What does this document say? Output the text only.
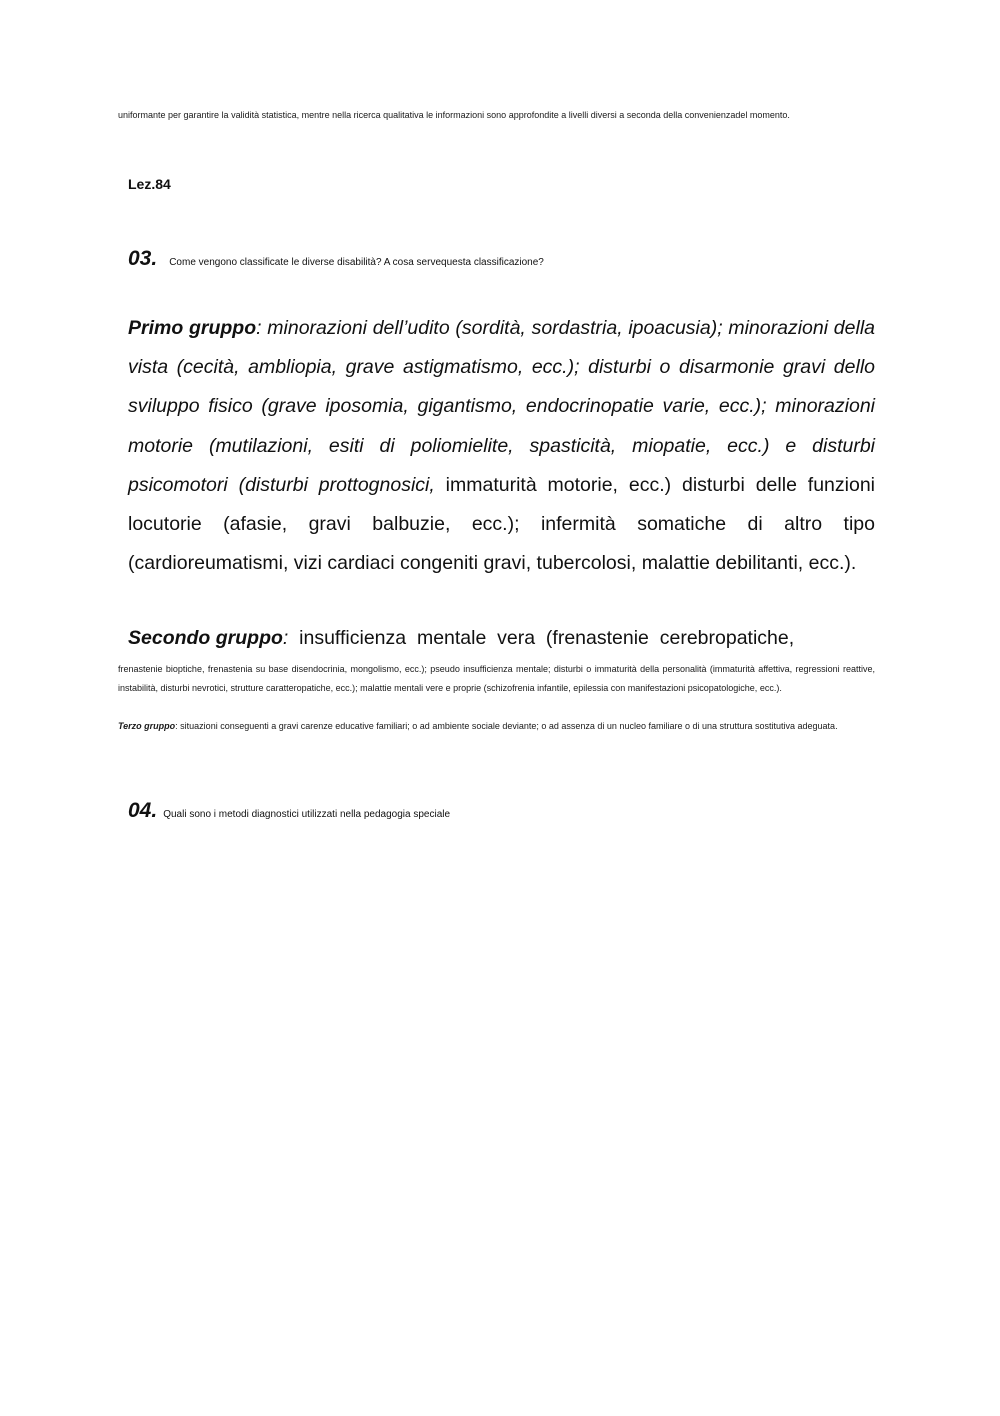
uniformante per garantire la validità statistica, mentre nella ricerca qualitativa le informazioni sono approfondite a livelli diversi a seconda della convenienzadel momento.
Lez.84
03. Come vengono classificate le diverse disabilità? A cosa servequesta classificazione?
Primo gruppo: minorazioni dell’udito (sordità, sordastria, ipoacusia); minorazioni della vista (cecità, ambliopia, grave astigmatismo, ecc.); disturbi o disarmonie gravi dello sviluppo fisico (grave iposomia, gigantismo, endocrinopatie varie, ecc.); minorazioni motorie (mutilazioni, esiti di poliomielite, spasticità, miopatie, ecc.) e disturbi psicomotori (disturbi prottognosici, immaturità motorie, ecc.) disturbi delle funzioni locutorie (afasie, gravi balbuzie, ecc.); infermità somatiche di altro tipo (cardioreumatismi, vizi cardiaci congeniti gravi, tubercolosi, malattie debilitanti, ecc.).
Secondo gruppo:  insufficienza  mentale  vera  (frenastenie  cerebropatiche,
frenastenie bioptiche, frenastenia su base disendocrinia, mongolismo, ecc.); pseudo insufficienza mentale; disturbi o immaturità della personalità (immaturità affettiva, regressioni reattive, instabilità, disturbi nevrotici, strutture caratteropatiche, ecc.); malattie mentali vere e proprie (schizofrenia infantile, epilessia con manifestazioni psicopatologiche, ecc.).
Terzo gruppo: situazioni conseguenti a gravi carenze educative familiari; o ad ambiente sociale deviante; o ad assenza di un nucleo familiare o di una struttura sostitutiva adeguata.
04. Quali sono i metodi diagnostici utilizzati nella pedagogia speciale
